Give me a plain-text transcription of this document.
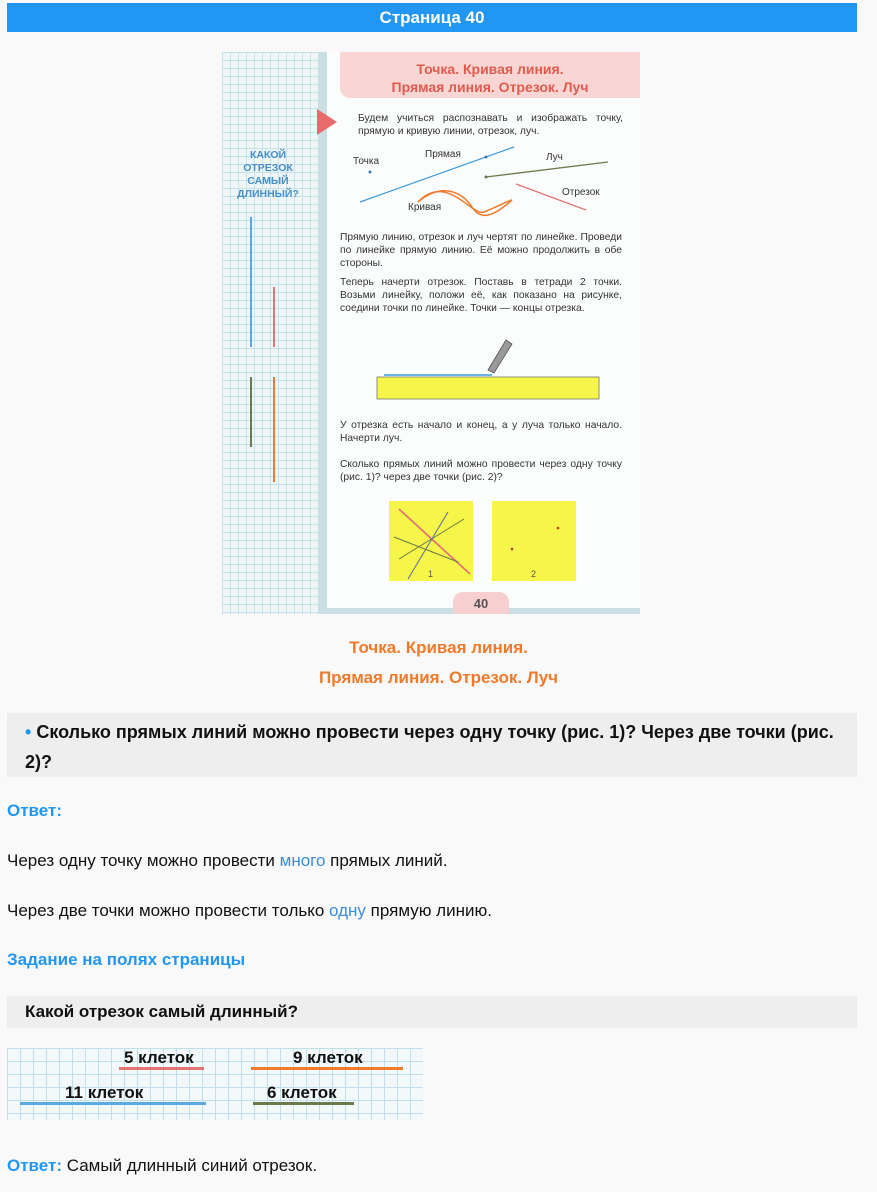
Страница 40
КАКОЙ
ОТРЕЗОК
САМЫЙ
ДЛИННЫЙ?
Точка. Кривая линия.
Прямая линия. Отрезок. Луч
Будем учиться распознавать и изображать точку, прямую и кривую линии, отрезок, луч.
Точка
Прямая	Луч
Отрезок
Кривая
Прямую линию, отрезок и луч чертят по линейке. Проведи по линейке прямую линию. Её можно продолжить в обе стороны.
Теперь начерти отрезок. Поставь в тетради 2 точки. Возьми линейку, положи её, как показано на рисунке, соедини точки по линейке. Точки — концы отрезка.
У отрезка есть начало и конец, а у луча только начало. Начерти луч.
Сколько прямых линий можно провести через одну точку (рис. 1)? через две точки (рис. 2)?
1	2
40
Точка. Кривая линия.
Прямая линия. Отрезок. Луч
• Сколько прямых линий можно провести через одну точку (рис. 1)? Через две точки (рис. 2)?
Ответ:
Через одну точку можно провести много прямых линий.
Через две точки можно провести только одну прямую линию.
Задание на полях страницы
Какой отрезок самый длинный?
5 клеток	9 клеток
11 клеток	6 клеток
Ответ: Самый длинный синий отрезок.
